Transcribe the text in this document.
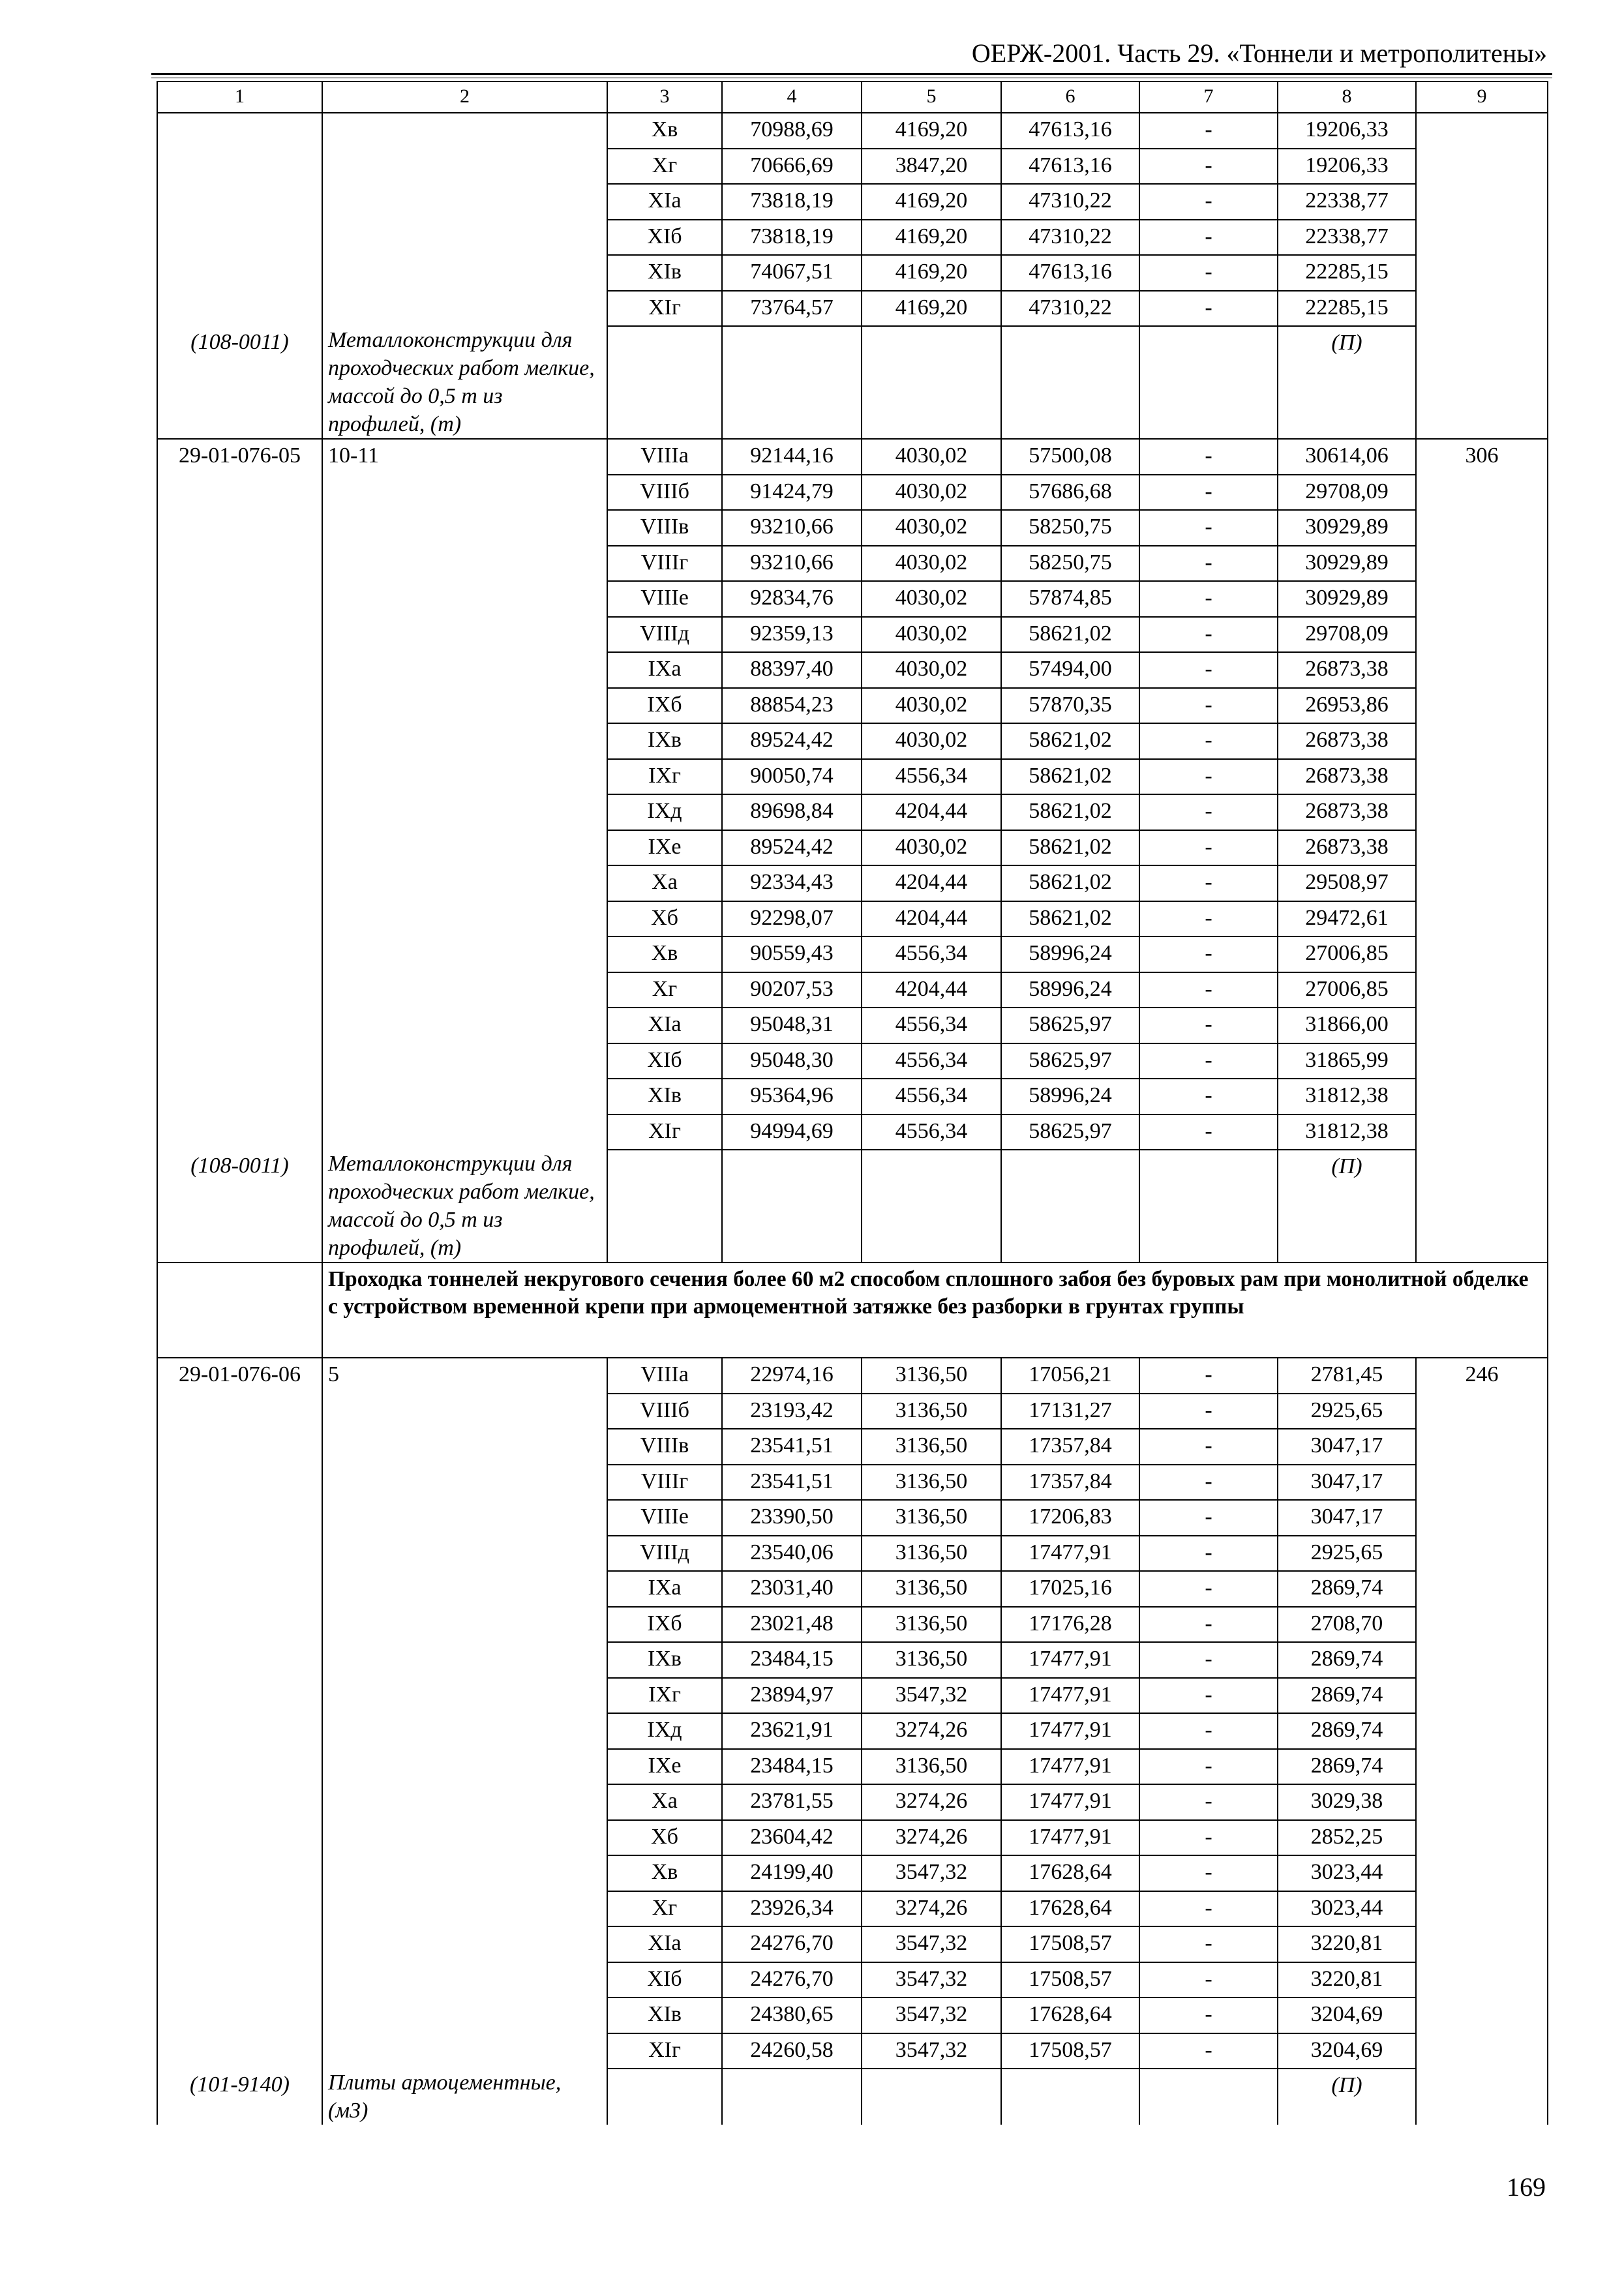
ОЕРЖ-2001. Часть 29. «Тоннели и метрополитены»
1	2	3	4	5	6	7	8	9
		Хв	70988,69	4169,20	47613,16	-	19206,33	
		Хг	70666,69	3847,20	47613,16	-	19206,33	
		XIа	73818,19	4169,20	47310,22	-	22338,77	
		XIб	73818,19	4169,20	47310,22	-	22338,77	
		XIв	74067,51	4169,20	47613,16	-	22285,15	
		XIг	73764,57	4169,20	47310,22	-	22285,15	
(108-0011)	Металлоконструкции для проходческих работ мелкие, массой до 0,5 т из профилей, (т)						(П)	
29-01-076-05	10-11	VIIIа	92144,16	4030,02	57500,08	-	30614,06	306
		VIIIб	91424,79	4030,02	57686,68	-	29708,09	
		VIIIв	93210,66	4030,02	58250,75	-	30929,89	
		VIIIг	93210,66	4030,02	58250,75	-	30929,89	
		VIIIе	92834,76	4030,02	57874,85	-	30929,89	
		VIIIд	92359,13	4030,02	58621,02	-	29708,09	
		IXа	88397,40	4030,02	57494,00	-	26873,38	
		IXб	88854,23	4030,02	57870,35	-	26953,86	
		IXв	89524,42	4030,02	58621,02	-	26873,38	
		IXг	90050,74	4556,34	58621,02	-	26873,38	
		IXд	89698,84	4204,44	58621,02	-	26873,38	
		IXе	89524,42	4030,02	58621,02	-	26873,38	
		Ха	92334,43	4204,44	58621,02	-	29508,97	
		Хб	92298,07	4204,44	58621,02	-	29472,61	
		Хв	90559,43	4556,34	58996,24	-	27006,85	
		Хг	90207,53	4204,44	58996,24	-	27006,85	
		XIа	95048,31	4556,34	58625,97	-	31866,00	
		XIб	95048,30	4556,34	58625,97	-	31865,99	
		XIв	95364,96	4556,34	58996,24	-	31812,38	
		XIг	94994,69	4556,34	58625,97	-	31812,38	
(108-0011)	Металлоконструкции для проходческих работ мелкие, массой до 0,5 т из профилей, (т)						(П)	
	Проходка тоннелей некругового сечения более 60 м2 способом сплошного забоя без буровых рам при монолитной обделке с устройством временной крепи при армоцементной затяжке без разборки в грунтах группы							
29-01-076-06	5	VIIIа	22974,16	3136,50	17056,21	-	2781,45	246
		VIIIб	23193,42	3136,50	17131,27	-	2925,65	
		VIIIв	23541,51	3136,50	17357,84	-	3047,17	
		VIIIг	23541,51	3136,50	17357,84	-	3047,17	
		VIIIе	23390,50	3136,50	17206,83	-	3047,17	
		VIIIд	23540,06	3136,50	17477,91	-	2925,65	
		IXа	23031,40	3136,50	17025,16	-	2869,74	
		IXб	23021,48	3136,50	17176,28	-	2708,70	
		IXв	23484,15	3136,50	17477,91	-	2869,74	
		IXг	23894,97	3547,32	17477,91	-	2869,74	
		IXд	23621,91	3274,26	17477,91	-	2869,74	
		IXе	23484,15	3136,50	17477,91	-	2869,74	
		Ха	23781,55	3274,26	17477,91	-	3029,38	
		Хб	23604,42	3274,26	17477,91	-	2852,25	
		Хв	24199,40	3547,32	17628,64	-	3023,44	
		Хг	23926,34	3274,26	17628,64	-	3023,44	
		XIа	24276,70	3547,32	17508,57	-	3220,81	
		XIб	24276,70	3547,32	17508,57	-	3220,81	
		XIв	24380,65	3547,32	17628,64	-	3204,69	
		XIг	24260,58	3547,32	17508,57	-	3204,69	
(101-9140)	Плиты армоцементные, (м3)						(П)	
169
